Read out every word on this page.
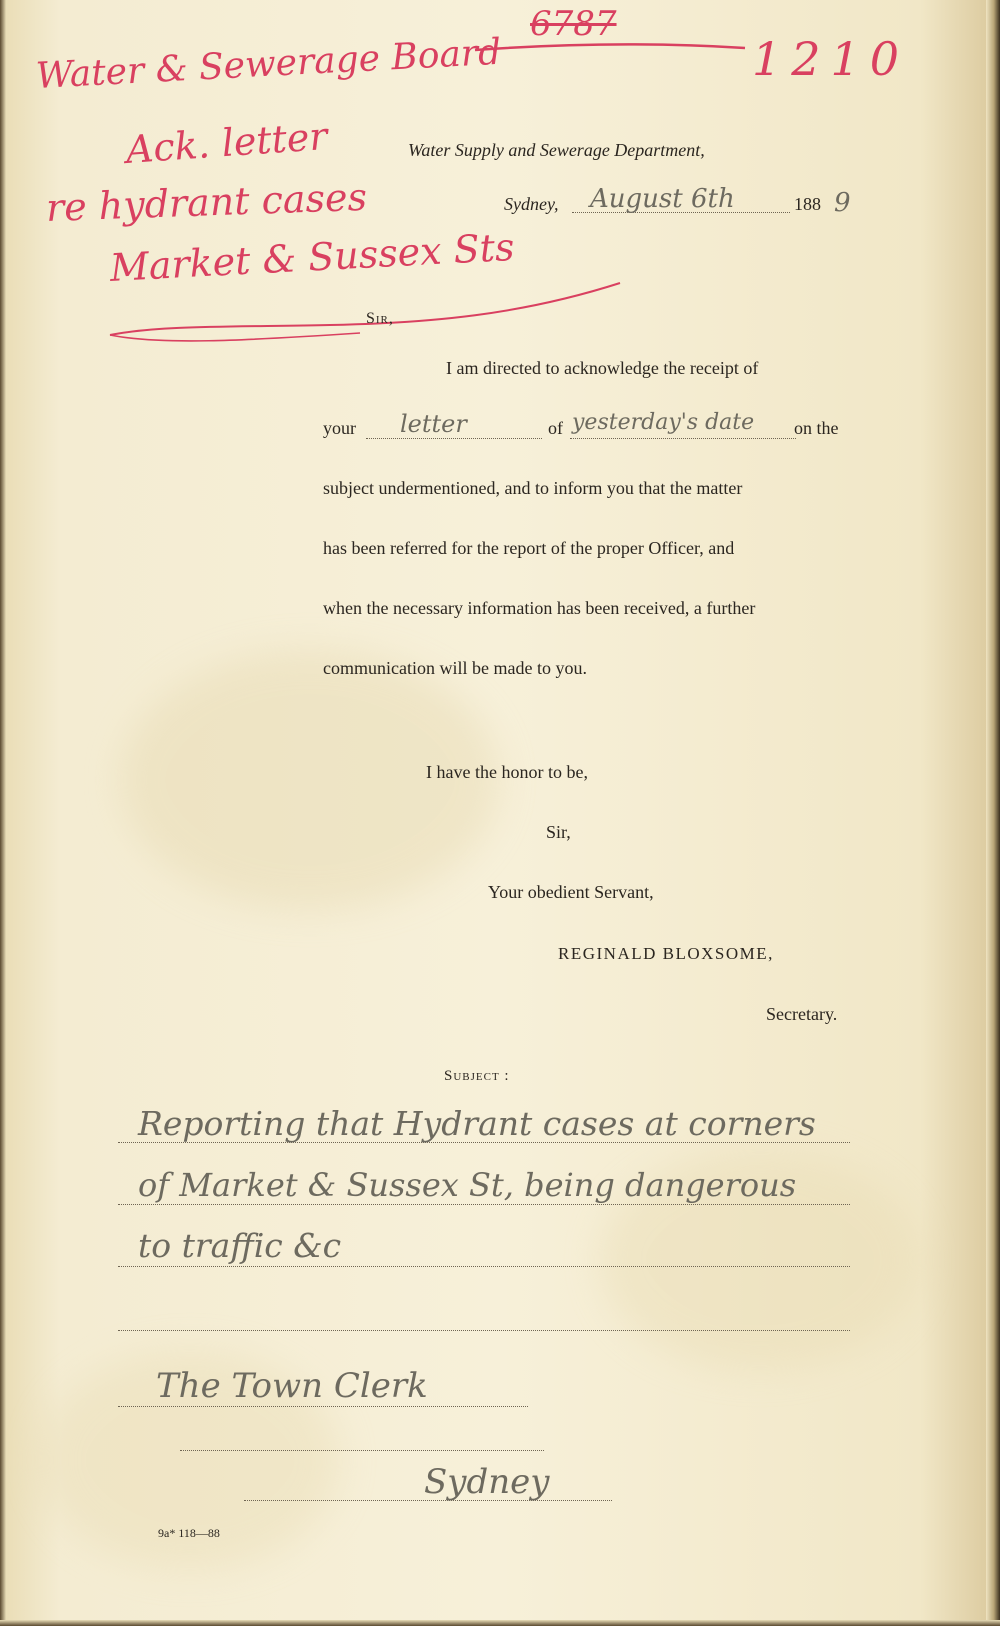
6787
1210
Water & Sewerage Board
Ack. letter
re hydrant cases
Market & Sussex Sts
Water Supply and Sewerage Department,
Sydney, August 6th	188 9
Sir,
I am directed to acknowledge the receipt of
your letter	of yesterday's date on the
subject undermentioned, and to inform you that the matter
has been referred for the report of the proper Officer, and
when the necessary information has been received, a further
communication will be made to you.
I have the honor to be,
Sir,
Your obedient Servant,
REGINALD BLOXSOME,
Secretary.
Subject :
Reporting that Hydrant cases at corners
of Market & Sussex St, being dangerous
to traffic &c
The Town Clerk
Sydney
9a* 118—88
